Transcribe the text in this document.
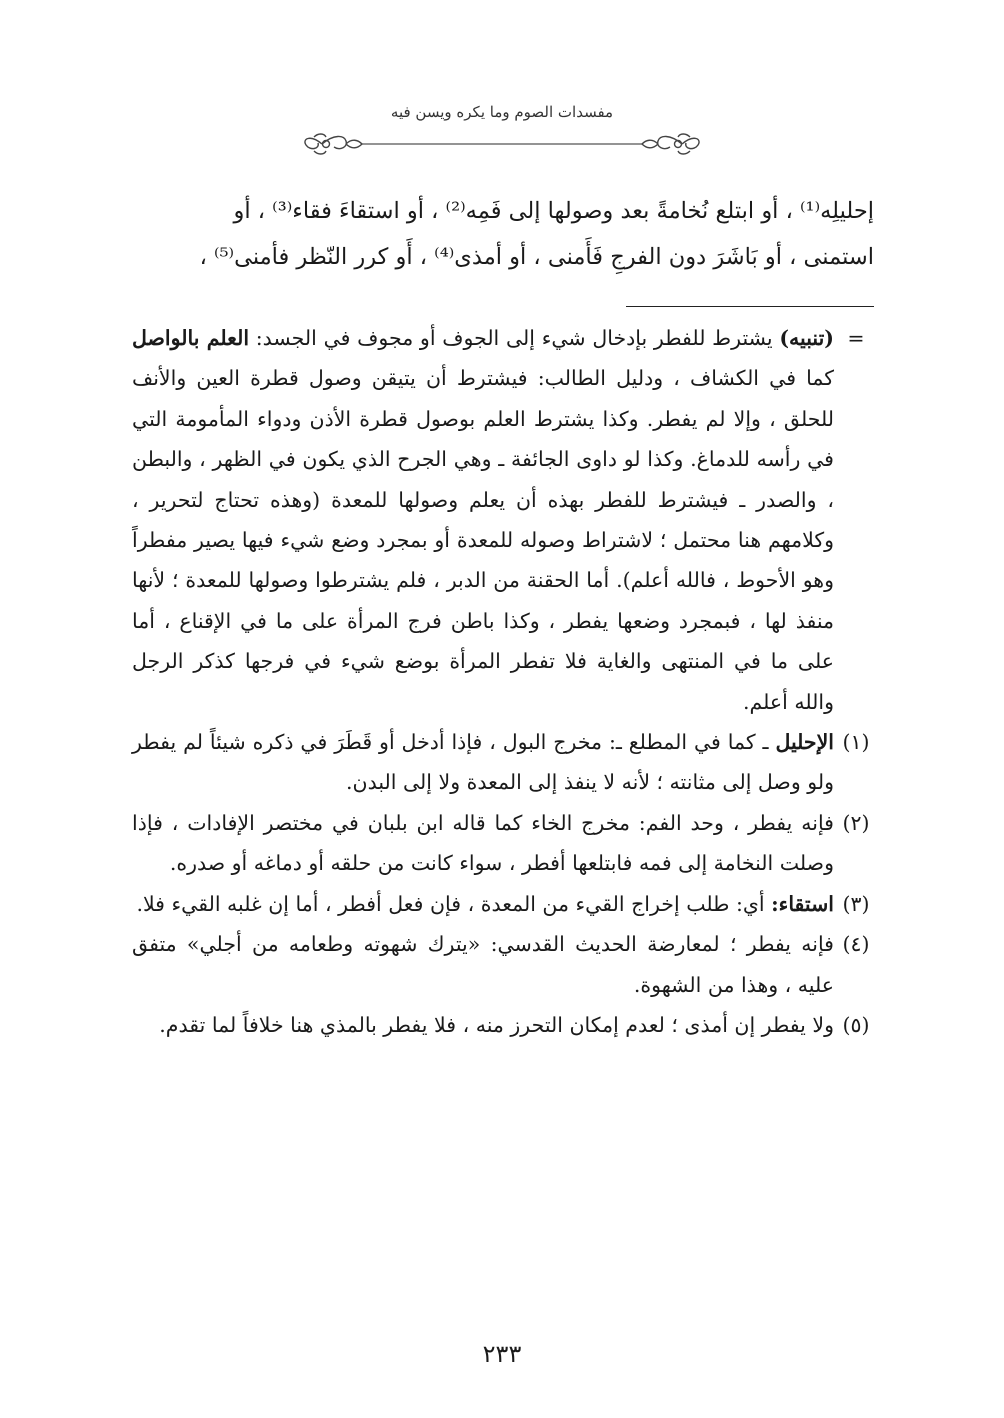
مفسدات الصوم وما يكره ويسن فيه

إحليلِه⁽¹⁾ ، أو ابتلع نُخامةً بعد وصولها إلى فَمِه⁽²⁾ ، أو استقاءَ فقاء⁽³⁾ ، أو

استمنى ، أو بَاشَرَ دون الفرجِ فَأَمنى ، أو أمذى⁽⁴⁾ ، أَو كرر النّظر فأمنى⁽⁵⁾ ،

=
(تنبيه) يشترط للفطر بإدخال شيء إلى الجوف أو مجوف في الجسد: العلم بالواصل كما في الكشاف ، ودليل الطالب: فيشترط أن يتيقن وصول قطرة العين والأنف للحلق ، وإلا لم يفطر. وكذا يشترط العلم بوصول قطرة الأذن ودواء المأمومة التي في رأسه للدماغ. وكذا لو داوى الجائفة ـ وهي الجرح الذي يكون في الظهر ، والبطن ، والصدر ـ فيشترط للفطر بهذه أن يعلم وصولها للمعدة (وهذه تحتاج لتحرير ، وكلامهم هنا محتمل ؛ لاشتراط وصوله للمعدة أو بمجرد وضع شيء فيها يصير مفطراً وهو الأحوط ، فالله أعلم). أما الحقنة من الدبر ، فلم يشترطوا وصولها للمعدة ؛ لأنها منفذ لها ، فبمجرد وضعها يفطر ، وكذا باطن فرج المرأة على ما في الإقناع ، أما على ما في المنتهى والغاية فلا تفطر المرأة بوضع شيء في فرجها كذكر الرجل والله أعلم.
(١)
الإحليل ـ كما في المطلع ـ: مخرج البول ، فإذا أدخل أو قَطَرَ في ذكره شيئاً لم يفطر ولو وصل إلى مثانته ؛ لأنه لا ينفذ إلى المعدة ولا إلى البدن.
(٢)
فإنه يفطر ، وحد الفم: مخرج الخاء كما قاله ابن بلبان في مختصر الإفادات ، فإذا وصلت النخامة إلى فمه فابتلعها أفطر ، سواء كانت من حلقه أو دماغه أو صدره.
(٣)
استقاء: أي: طلب إخراج القيء من المعدة ، فإن فعل أفطر ، أما إن غلبه القيء فلا.
(٤)
فإنه يفطر ؛ لمعارضة الحديث القدسي: «يترك شهوته وطعامه من أجلي» متفق عليه ، وهذا من الشهوة.
(٥)
ولا يفطر إن أمذى ؛ لعدم إمكان التحرز منه ، فلا يفطر بالمذي هنا خلافاً لما تقدم.
٢٣٣
